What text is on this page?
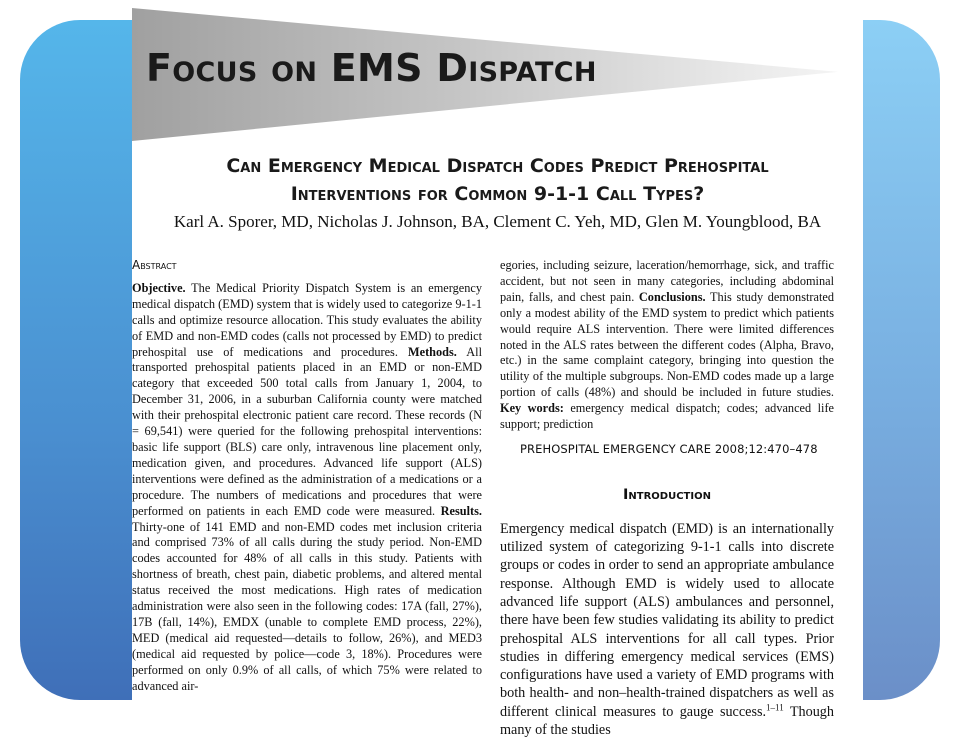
Focus on EMS Dispatch
Can Emergency Medical Dispatch Codes Predict Prehospital
Interventions for Common 9-1-1 Call Types?
Karl A. Sporer, MD, Nicholas J. Johnson, BA, Clement C. Yeh, MD, Glen M. Youngblood, BA
Abstract

Objective. The Medical Priority Dispatch System is an emergency medical dispatch (EMD) system that is widely used to categorize 9-1-1 calls and optimize resource allocation. This study evaluates the ability of EMD and non-EMD codes (calls not processed by EMD) to predict prehospital use of medications and procedures. Methods. All transported prehospital patients placed in an EMD or non-EMD category that exceeded 500 total calls from January 1, 2004, to December 31, 2006, in a suburban California county were matched with their prehospital electronic patient care record. These records (N = 69,541) were queried for the following prehospital interventions: basic life support (BLS) care only, intravenous line placement only, medication given, and procedures. Advanced life support (ALS) interventions were defined as the administration of a medications or a procedure. The numbers of medications and procedures that were performed on patients in each EMD code were measured. Results. Thirty-one of 141 EMD and non-EMD codes met inclusion criteria and comprised 73% of all calls during the study period. Non-EMD codes accounted for 48% of all calls in this study. Patients with shortness of breath, chest pain, diabetic problems, and altered mental status received the most medications. High rates of medication administration were also seen in the following codes: 17A (fall, 27%), 17B (fall, 14%), EMDX (unable to complete EMD process, 22%), MED (medical aid requested—details to follow, 26%), and MED3 (medical aid requested by police—code 3, 18%). Procedures were performed on only 0.9% of all calls, of which 75% were related to advanced air-

egories, including seizure, laceration/hemorrhage, sick, and traffic accident, but not seen in many categories, including abdominal pain, falls, and chest pain. Conclusions. This study demonstrated only a modest ability of the EMD system to predict which patients would require ALS intervention. There were limited differences noted in the ALS rates between the different codes (Alpha, Bravo, etc.) in the same complaint category, bringing into question the utility of the multiple subgroups. Non-EMD codes made up a large portion of calls (48%) and should be included in future studies. Key words: emergency medical dispatch; codes; advanced life support; prediction

PREHOSPITAL EMERGENCY CARE 2008;12:470–478
Introduction

Emergency medical dispatch (EMD) is an internationally utilized system of categorizing 9-1-1 calls into discrete groups or codes in order to send an appropriate ambulance response. Although EMD is widely used to allocate advanced life support (ALS) ambulances and personnel, there have been few studies validating its ability to predict prehospital ALS interventions for all call types. Prior studies in differing emergency medical services (EMS) configurations have used a variety of EMD programs with both health- and non–health-trained dispatchers as well as different clinical measures to gauge success.$^{1-11}$ Though many of the studies
